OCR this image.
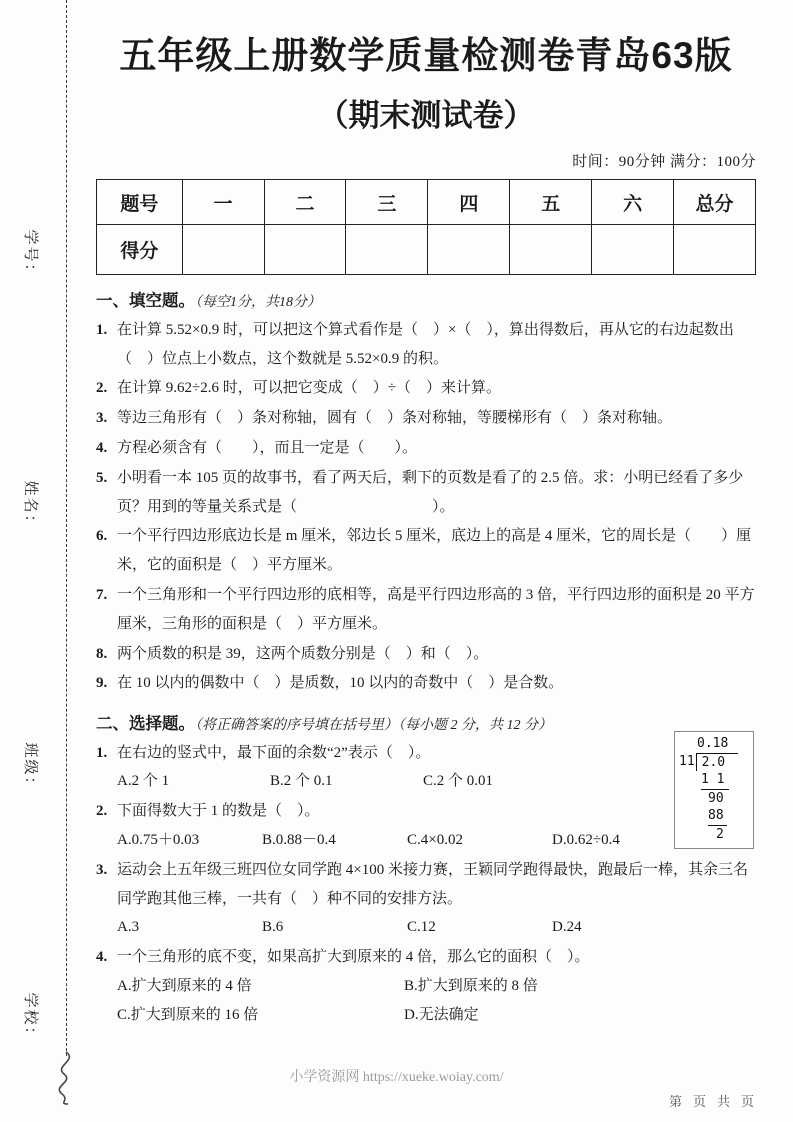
学号：
姓名：
班级：
学校：
五年级上册数学质量检测卷青岛63版
（期末测试卷）
时间：90分钟 满分：100分
题号	一	二	三	四	五	六	总分
得分							
一、填空题。（每空1分，共18分）
1. 在计算 5.52×0.9 时，可以把这个算式看作是（　）×（　），算出得数后，再从它的右边起数出（　）位点上小数点，这个数就是 5.52×0.9 的积。
2. 在计算 9.62÷2.6 时，可以把它变成（　）÷（　）来计算。
3. 等边三角形有（　）条对称轴，圆有（　）条对称轴，等腰梯形有（　）条对称轴。
4. 方程必须含有（　　），而且一定是（　　）。
5. 小明看一本 105 页的故事书，看了两天后，剩下的页数是看了的 2.5 倍。求：小明已经看了多少页？用到的等量关系式是（　　　　　　　　　）。
6. 一个平行四边形底边长是 m 厘米，邻边长 5 厘米，底边上的高是 4 厘米，它的周长是（　　）厘米，它的面积是（　）平方厘米。
7. 一个三角形和一个平行四边形的底相等，高是平行四边形高的 3 倍，平行四边形的面积是 20 平方厘米，三角形的面积是（　）平方厘米。
8. 两个质数的积是 39，这两个质数分别是（　）和（　）。
9. 在 10 以内的偶数中（　）是质数，10 以内的奇数中（　）是合数。
二、选择题。（将正确答案的序号填在括号里）（每小题 2 分，共 12 分）
0.18
11 2.0
1 1
90
88
2
1. 在右边的竖式中，最下面的余数“2”表示（　）。
A.2 个 1	B.2 个 0.1	C.2 个 0.01
2. 下面得数大于 1 的数是（　）。
A.0.75＋0.03	B.0.88－0.4	C.4×0.02	D.0.62÷0.4
3. 运动会上五年级三班四位女同学跑 4×100 米接力赛，王颖同学跑得最快，跑最后一棒，其余三名同学跑其他三棒，一共有（　）种不同的安排方法。
A.3	B.6	C.12	D.24
4. 一个三角形的底不变，如果高扩大到原来的 4 倍，那么它的面积（　）。
A.扩大到原来的 4 倍	B.扩大到原来的 8 倍
C.扩大到原来的 16 倍	D.无法确定
小学资源网 https://xueke.woiay.com/
第页共页
